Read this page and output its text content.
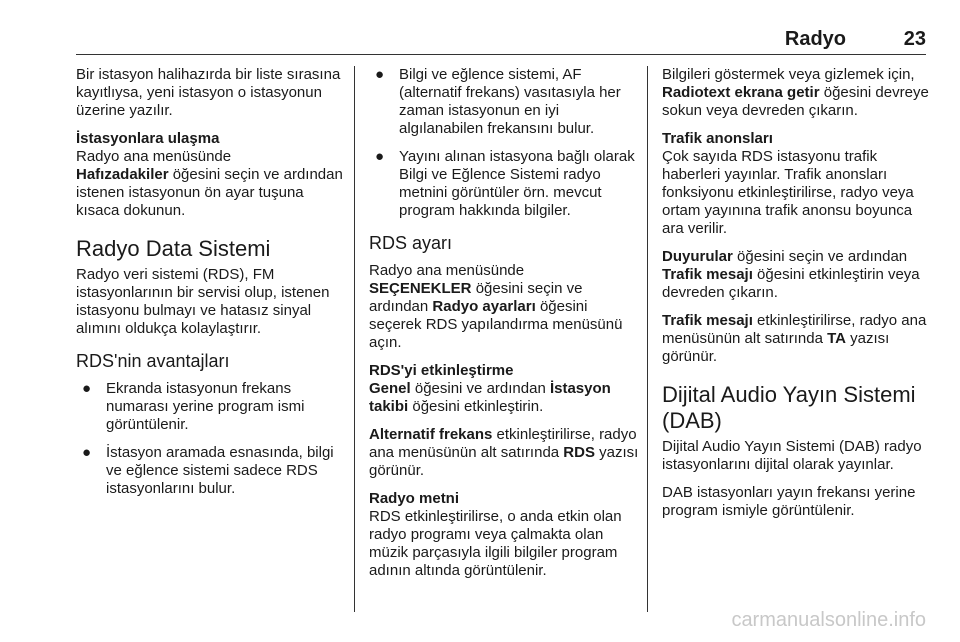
Radyo	23

Bir istasyon halihazırda bir liste sırasına kayıtlıysa, yeni istasyon o istasyonun üzerine yazılır.

İstasyonlara ulaşma

Radyo ana menüsünde
Hafızadakiler öğesini seçin ve ardından istenen istasyonun ön ayar tuşuna kısaca dokunun.

Radyo Data Sistemi

Radyo veri sistemi (RDS), FM istasyonlarının bir servisi olup, istenen istasyonu bulmayı ve hatasız sinyal alımını oldukça kolaylaştırır.

RDS'nin avantajları
● Ekranda istasyonun frekans numarası yerine program ismi görüntülenir.
● İstasyon aramada esnasında, bilgi ve eğlence sistemi sadece RDS istasyonlarını bulur.
● Bilgi ve eğlence sistemi, AF (alternatif frekans) vasıtasıyla her zaman istasyonun en iyi algılanabilen frekansını bulur.
● Yayını alınan istasyona bağlı olarak Bilgi ve Eğlence Sistemi radyo metnini görüntüler örn. mevcut program hakkında bilgiler.
RDS ayarı

Radyo ana menüsünde
SEÇENEKLER öğesini seçin ve ardından Radyo ayarları öğesini seçerek RDS yapılandırma menüsünü açın.

RDS'yi etkinleştirme

Genel öğesini ve ardından İstasyon takibi öğesini etkinleştirin.

Alternatif frekans etkinleştirilirse, radyo ana menüsünün alt satırında RDS yazısı görünür.

Radyo metni

RDS etkinleştirilirse, o anda etkin olan radyo programı veya çalmakta olan müzik parçasıyla ilgili bilgiler program adının altında görüntülenir.

Bilgileri göstermek veya gizlemek için, Radiotext ekrana getir öğesini devreye sokun veya devreden çıkarın.

Trafik anonsları

Çok sayıda RDS istasyonu trafik haberleri yayınlar. Trafik anonsları fonksiyonu etkinleştirilirse, radyo veya ortam yayınına trafik anonsu boyunca ara verilir.

Duyurular öğesini seçin ve ardından Trafik mesajı öğesini etkinleştirin veya devreden çıkarın.

Trafik mesajı etkinleştirilirse, radyo ana menüsünün alt satırında TA yazısı görünür.

Dijital Audio Yayın Sistemi (DAB)

Dijital Audio Yayın Sistemi (DAB) radyo istasyonlarını dijital olarak yayınlar.

DAB istasyonları yayın frekansı yerine program ismiyle görüntülenir.

carmanualsonline.info
